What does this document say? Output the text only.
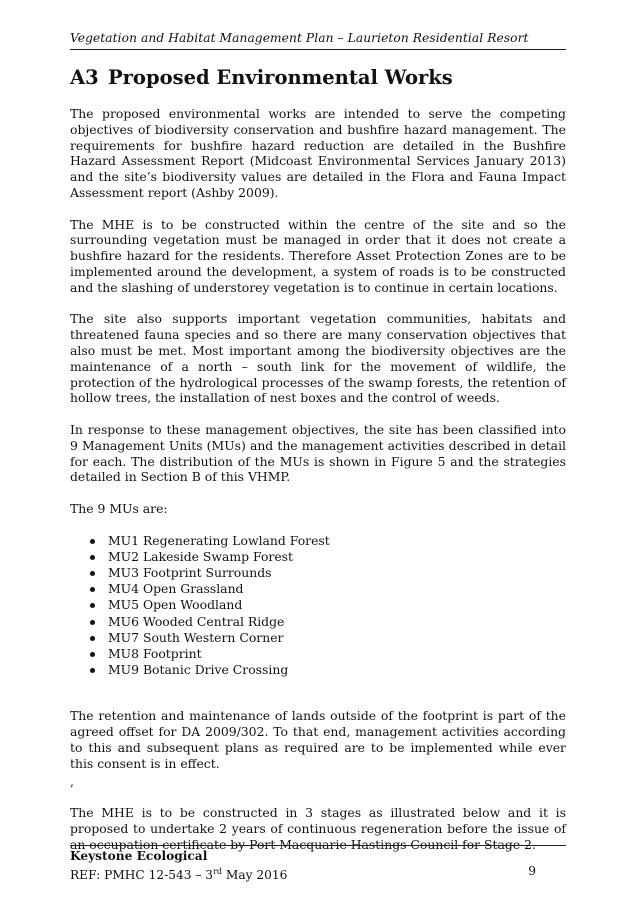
Vegetation and Habitat Management Plan – Laurieton Residential Resort
A3 Proposed Environmental Works

The proposed environmental works are intended to serve the competing objectives of biodiversity conservation and bushfire hazard management. The requirements for bushfire hazard reduction are detailed in the Bushfire Hazard Assessment Report (Midcoast Environmental Services January 2013) and the site’s biodiversity values are detailed in the Flora and Fauna Impact Assessment report (Ashby 2009).

The MHE is to be constructed within the centre of the site and so the surrounding vegetation must be managed in order that it does not create a bushfire hazard for the residents. Therefore Asset Protection Zones are to be implemented around the development, a system of roads is to be constructed and the slashing of understorey vegetation is to continue in certain locations.

The site also supports important vegetation communities, habitats and threatened fauna species and so there are many conservation objectives that also must be met. Most important among the biodiversity objectives are the maintenance of a north – south link for the movement of wildlife, the protection of the hydrological processes of the swamp forests, the retention of hollow trees, the installation of nest boxes and the control of weeds.

In response to these management objectives, the site has been classified into 9 Management Units (MUs) and the management activities described in detail for each. The distribution of the MUs is shown in Figure 5 and the strategies detailed in Section B of this VHMP.

The 9 MUs are:

MU1 Regenerating Lowland Forest
MU2 Lakeside Swamp Forest
MU3 Footprint Surrounds
MU4 Open Grassland
MU5 Open Woodland
MU6 Wooded Central Ridge
MU7 South Western Corner
MU8 Footprint
MU9 Botanic Drive Crossing

The retention and maintenance of lands outside of the footprint is part of the agreed offset for DA 2009/302. To that end, management activities according to this and subsequent plans as required are to be implemented while ever this consent is in effect.

,

The MHE is to be constructed in 3 stages as illustrated below and it is proposed to undertake 2 years of continuous regeneration before the issue of an occupation certificate by Port Macquarie Hastings Council for Stage 2.

Keystone Ecological
REF: PMHC 12-543 – 3rd May 2016	9
